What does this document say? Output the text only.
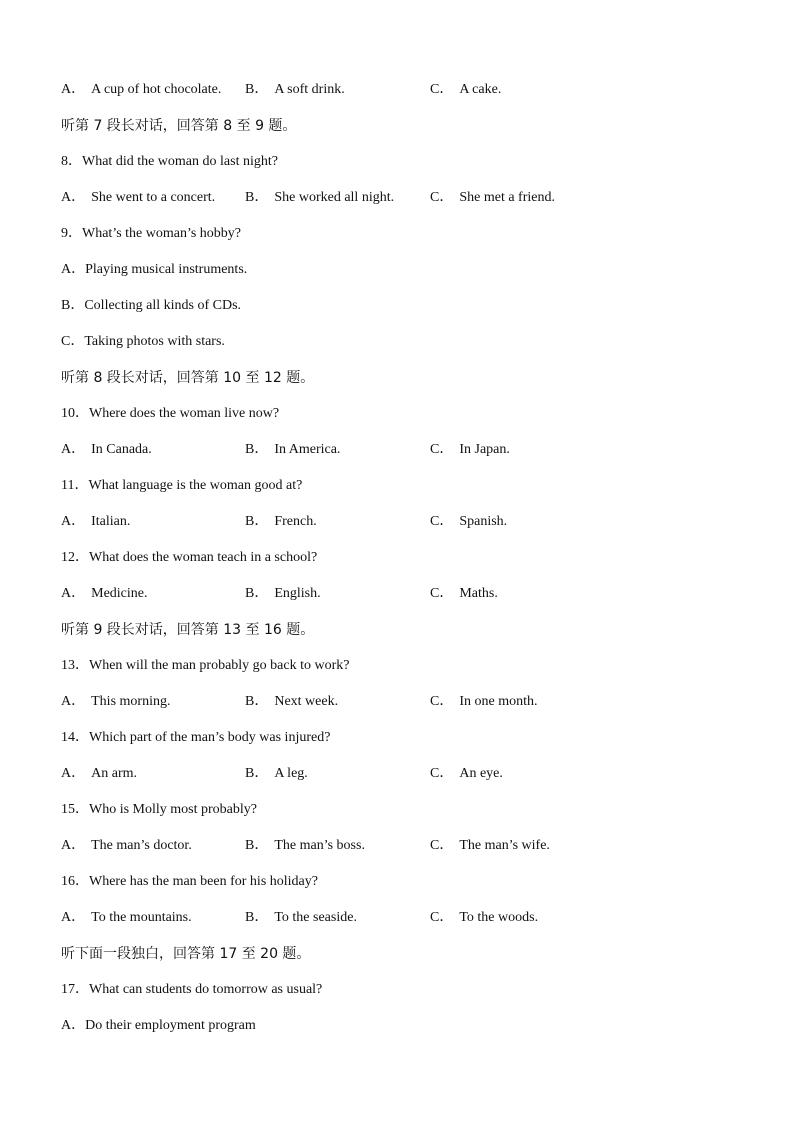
A． A cup of hot chocolate. B． A soft drink.	C． A cake.
听第 7 段长对话，回答第 8 至 9 题。
8．What did the woman do last night?
A． She went to a concert. B． She worked all night.	C． She met a friend.
9．What’s the woman’s hobby?
A．Playing musical instruments.
B．Collecting all kinds of CDs.
C．Taking photos with stars.
听第 8 段长对话，回答第 10 至 12 题。
10．Where does the woman live now?
A． In Canada.	B． In America.	C． In Japan.
11．What language is the woman good at?
A． Italian.	B． French.	C． Spanish.
12．What does the woman teach in a school?
A． Medicine.	B． English.	C． Maths.
听第 9 段长对话，回答第 13 至 16 题。
13．When will the man probably go back to work?
A． This morning.	B． Next week.	C． In one month.
14．Which part of the man’s body was injured?
A． An arm.	B． A leg.	C． An eye.
15．Who is Molly most probably?
A． The man’s doctor.	B． The man’s boss.	C． The man’s wife.
16．Where has the man been for his holiday?
A． To the mountains.	B． To the seaside.	C． To the woods.
听下面一段独白，回答第 17 至 20 题。
17．What can students do tomorrow as usual?
A．Do their employment program
